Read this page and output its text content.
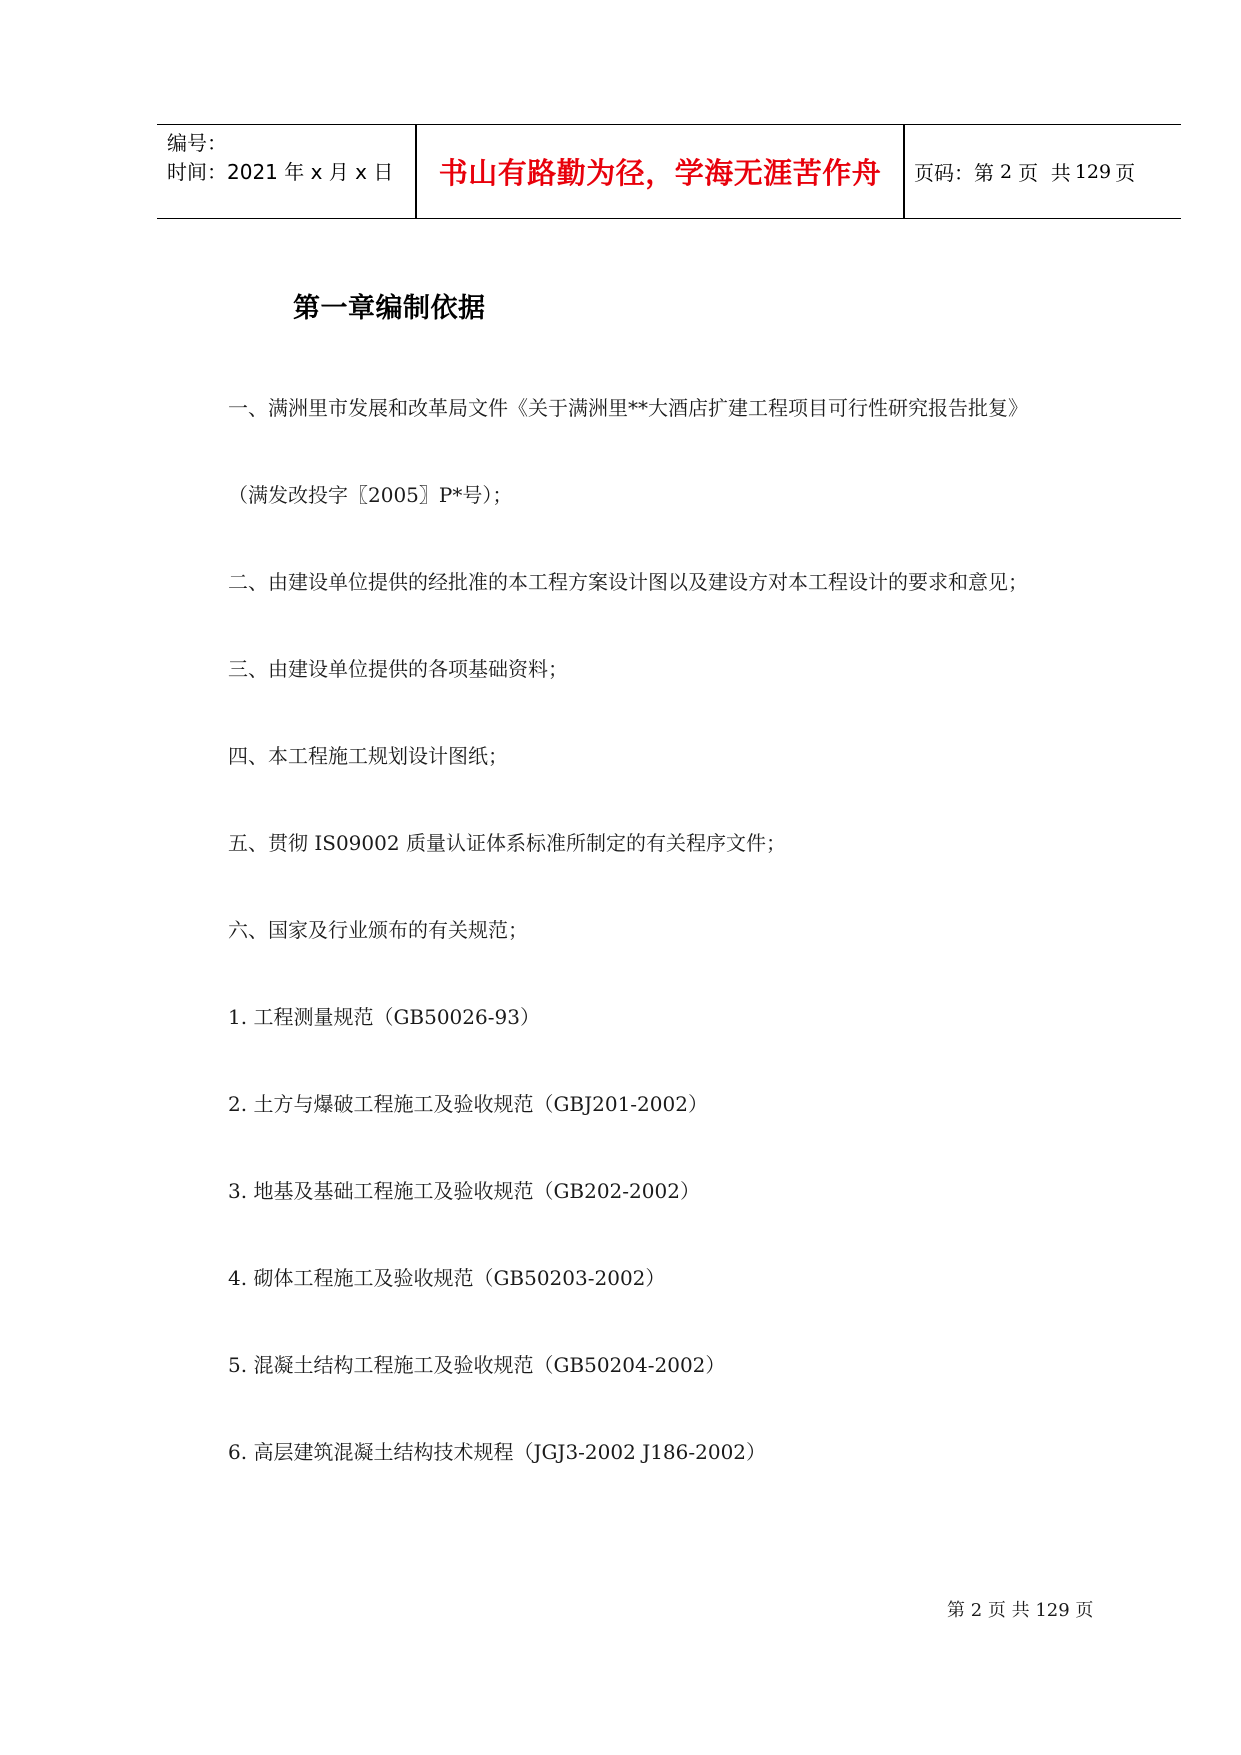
编号：
时间：2021 年 x 月 x 日	书山有路勤为径，学海无涯苦作舟	页码：第 2 页  共 129 页
第一章编制依据
一、满洲里市发展和改革局文件《关于满洲里**大酒店扩建工程项目可行性研究报告批复》
（满发改投字〖2005〗P*号）；
二、由建设单位提供的经批准的本工程方案设计图以及建设方对本工程设计的要求和意见；
三、由建设单位提供的各项基础资料；
四、本工程施工规划设计图纸；
五、贯彻 IS09002 质量认证体系标准所制定的有关程序文件；
六、国家及行业颁布的有关规范；
1. 工程测量规范（GB50026-93）
2. 土方与爆破工程施工及验收规范（GBJ201-2002）
3. 地基及基础工程施工及验收规范（GB202-2002）
4. 砌体工程施工及验收规范（GB50203-2002）
5. 混凝土结构工程施工及验收规范（GB50204-2002）
6. 高层建筑混凝土结构技术规程（JGJ3-2002 J186-2002）
第 2 页 共 129 页
